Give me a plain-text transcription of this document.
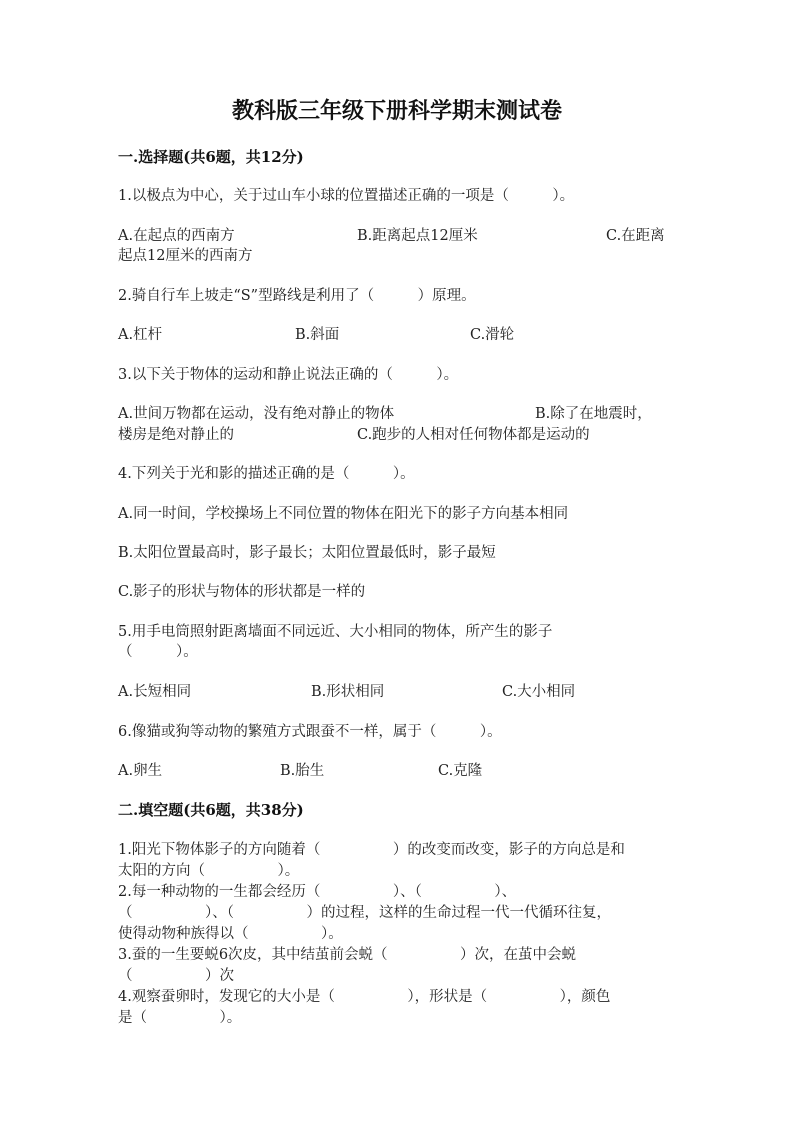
教科版三年级下册科学期末测试卷
一.选择题(共6题，共12分)
1.以极点为中心，关于过山车小球的位置描述正确的一项是（　　　）。
A.在起点的西南方	B.距离起点12厘米	C.在距离
起点12厘米的西南方
2.骑自行车上坡走“S”型路线是利用了（　　　）原理。
A.杠杆	B.斜面	C.滑轮
3.以下关于物体的运动和静止说法正确的（　　　）。
A.世间万物都在运动，没有绝对静止的物体	B.除了在地震时，
楼房是绝对静止的	C.跑步的人相对任何物体都是运动的
4.下列关于光和影的描述正确的是（　　　）。
A.同一时间，学校操场上不同位置的物体在阳光下的影子方向基本相同
B.太阳位置最高时，影子最长；太阳位置最低时，影子最短
C.影子的形状与物体的形状都是一样的
5.用手电筒照射距离墙面不同远近、大小相同的物体，所产生的影子
（　　　）。
A.长短相同	B.形状相同	C.大小相同
6.像猫或狗等动物的繁殖方式跟蚕不一样，属于（　　　）。
A.卵生	B.胎生	C.克隆
二.填空题(共6题，共38分)
1.阳光下物体影子的方向随着（　　　　　）的改变而改变，影子的方向总是和
太阳的方向（　　　　　）。
2.每一种动物的一生都会经历（　　　　　）、（　　　　　）、
（　　　　　）、（　　　　　）的过程，这样的生命过程一代一代循环往复，
使得动物种族得以（　　　　　）。
3.蚕的一生要蜕6次皮，其中结茧前会蜕（　　　　　）次，在茧中会蜕
（　　　　　）次
4.观察蚕卵时，发现它的大小是（　　　　　），形状是（　　　　　），颜色
是（　　　　　）。
